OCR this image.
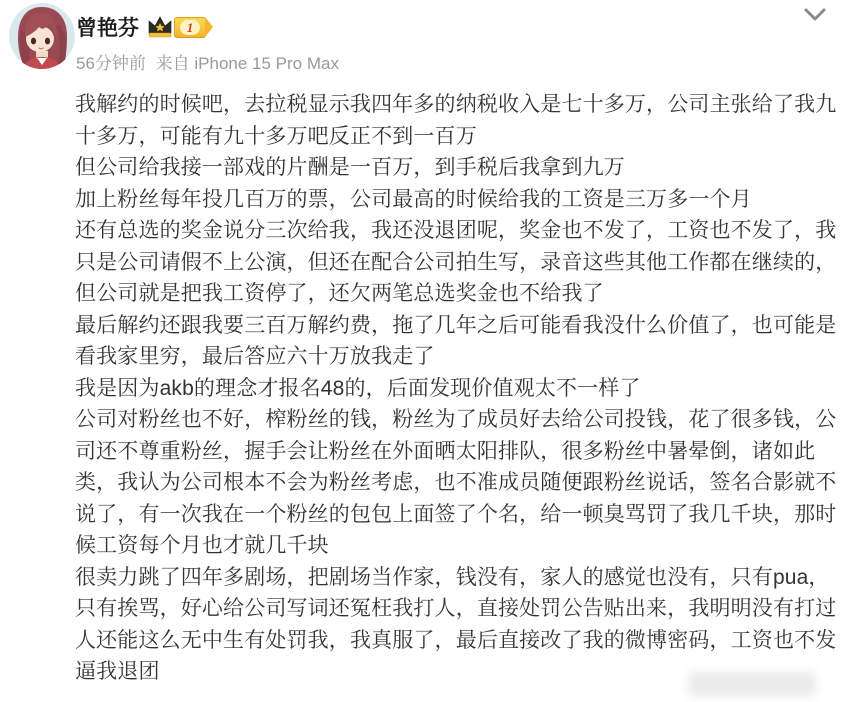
曾艳芬	1
56分钟前 来自 iPhone 15 Pro Max
我解约的时候吧，去拉税显示我四年多的纳税收入是七十多万，公司主张给了我九
十多万，可能有九十多万吧反正不到一百万
但公司给我接一部戏的片酬是一百万，到手税后我拿到九万
加上粉丝每年投几百万的票，公司最高的时候给我的工资是三万多一个月
还有总选的奖金说分三次给我，我还没退团呢，奖金也不发了，工资也不发了，我
只是公司请假不上公演，但还在配合公司拍生写，录音这些其他工作都在继续的，
但公司就是把我工资停了，还欠两笔总选奖金也不给我了
最后解约还跟我要三百万解约费，拖了几年之后可能看我没什么价值了，也可能是
看我家里穷，最后答应六十万放我走了
我是因为akb的理念才报名48的，后面发现价值观太不一样了
公司对粉丝也不好，榨粉丝的钱，粉丝为了成员好去给公司投钱，花了很多钱，公
司还不尊重粉丝，握手会让粉丝在外面晒太阳排队，很多粉丝中暑晕倒，诸如此
类，我认为公司根本不会为粉丝考虑，也不准成员随便跟粉丝说话，签名合影就不
说了，有一次我在一个粉丝的包包上面签了个名，给一顿臭骂罚了我几千块，那时
候工资每个月也才就几千块
很卖力跳了四年多剧场，把剧场当作家，钱没有，家人的感觉也没有，只有pua，
只有挨骂，好心给公司写词还冤枉我打人，直接处罚公告贴出来，我明明没有打过
人还能这么无中生有处罚我，我真服了，最后直接改了我的微博密码，工资也不发
逼我退团
